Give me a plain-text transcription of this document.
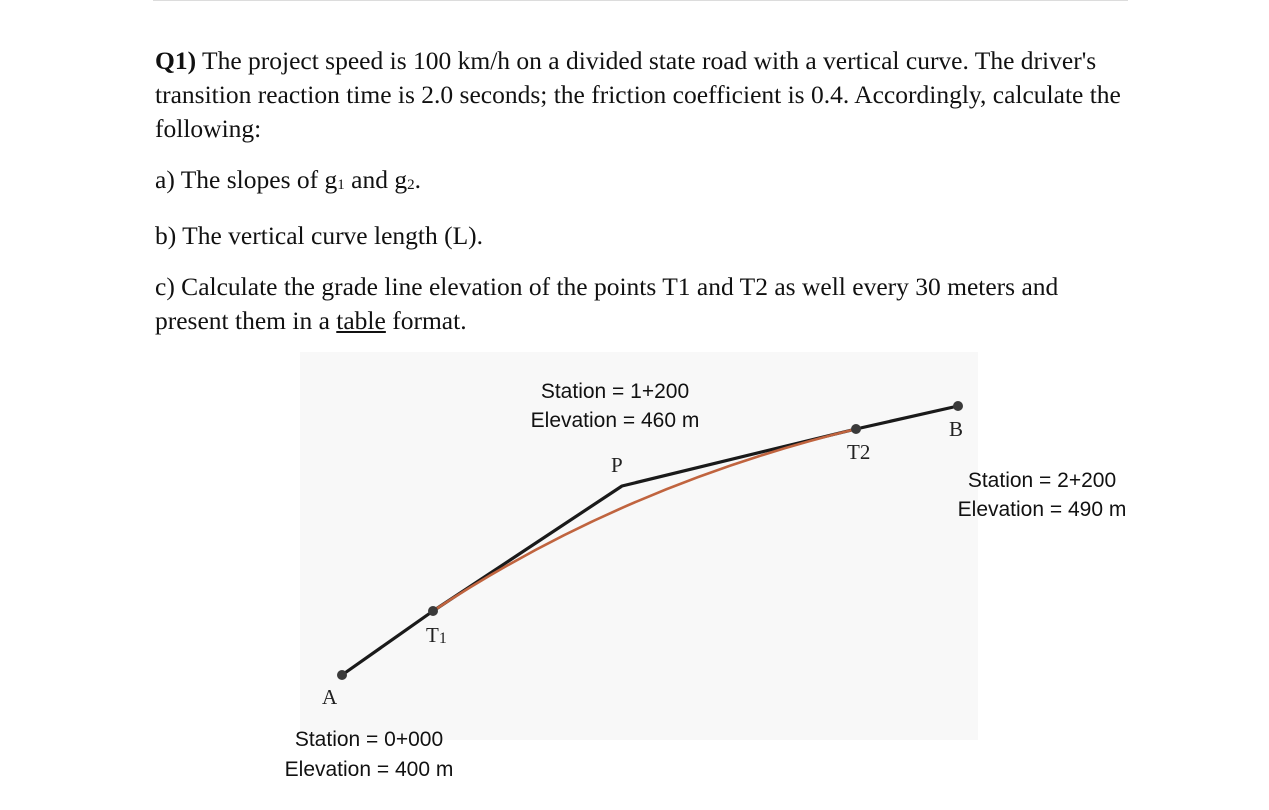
Q1) The project speed is 100 km/h on a divided state road with a vertical curve. The driver's transition reaction time is 2.0 seconds; the friction coefficient is 0.4. Accordingly, calculate the following:

a) The slopes of $g_1$ and $g_2$.

b) The vertical curve length (L).

c) Calculate the grade line elevation of the points T1 and T2 as well every 30 meters and present them in a table format.

A
T1
P
T2
B
Station = 1+200
Elevation = 460 m
Station = 2+200
Elevation = 490 m
Station = 0+000
Elevation = 400 m
